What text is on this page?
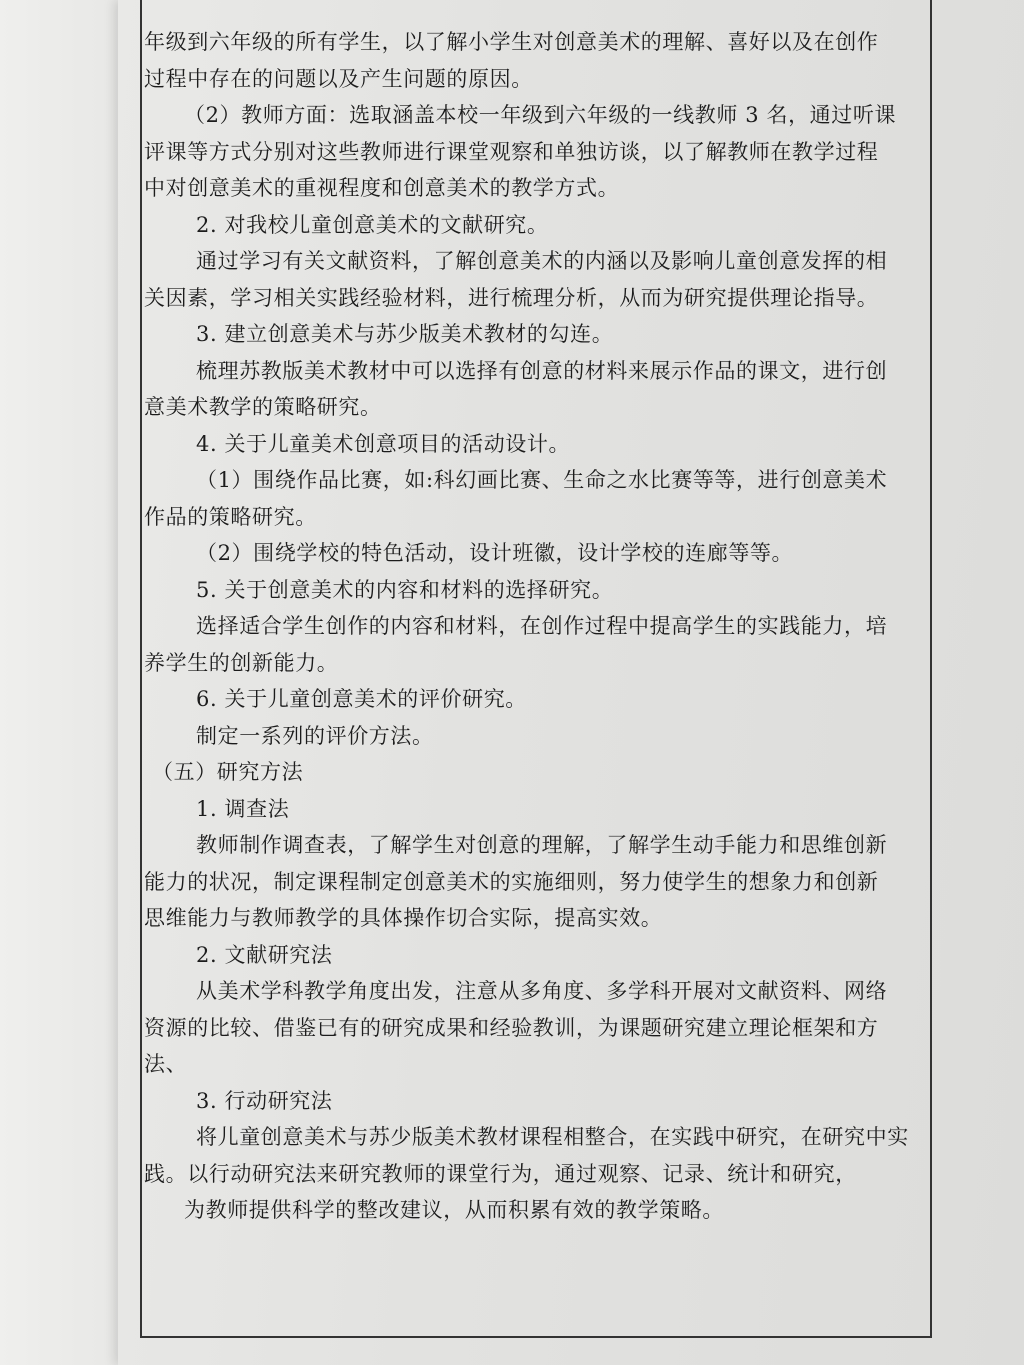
年级到六年级的所有学生，以了解小学生对创意美术的理解、喜好以及在创作

过程中存在的问题以及产生问题的原因。

（2）教师方面：选取涵盖本校一年级到六年级的一线教师 3 名，通过听课

评课等方式分别对这些教师进行课堂观察和单独访谈，以了解教师在教学过程

中对创意美术的重视程度和创意美术的教学方式。

2. 对我校儿童创意美术的文献研究。

通过学习有关文献资料，了解创意美术的内涵以及影响儿童创意发挥的相

关因素，学习相关实践经验材料，进行梳理分析，从而为研究提供理论指导。

3. 建立创意美术与苏少版美术教材的勾连。

梳理苏教版美术教材中可以选择有创意的材料来展示作品的课文，进行创

意美术教学的策略研究。

4. 关于儿童美术创意项目的活动设计。

（1）围绕作品比赛，如:科幻画比赛、生命之水比赛等等，进行创意美术

作品的策略研究。

（2）围绕学校的特色活动，设计班徽，设计学校的连廊等等。

5. 关于创意美术的内容和材料的选择研究。

选择适合学生创作的内容和材料，在创作过程中提高学生的实践能力，培

养学生的创新能力。

6. 关于儿童创意美术的评价研究。

制定一系列的评价方法。

（五）研究方法

1. 调查法

教师制作调查表，了解学生对创意的理解，了解学生动手能力和思维创新

能力的状况，制定课程制定创意美术的实施细则，努力使学生的想象力和创新

思维能力与教师教学的具体操作切合实际，提高实效。

2. 文献研究法

从美术学科教学角度出发，注意从多角度、多学科开展对文献资料、网络

资源的比较、借鉴已有的研究成果和经验教训，为课题研究建立理论框架和方

法、

3. 行动研究法

将儿童创意美术与苏少版美术教材课程相整合，在实践中研究，在研究中实

践。以行动研究法来研究教师的课堂行为，通过观察、记录、统计和研究，

为教师提供科学的整改建议，从而积累有效的教学策略。
